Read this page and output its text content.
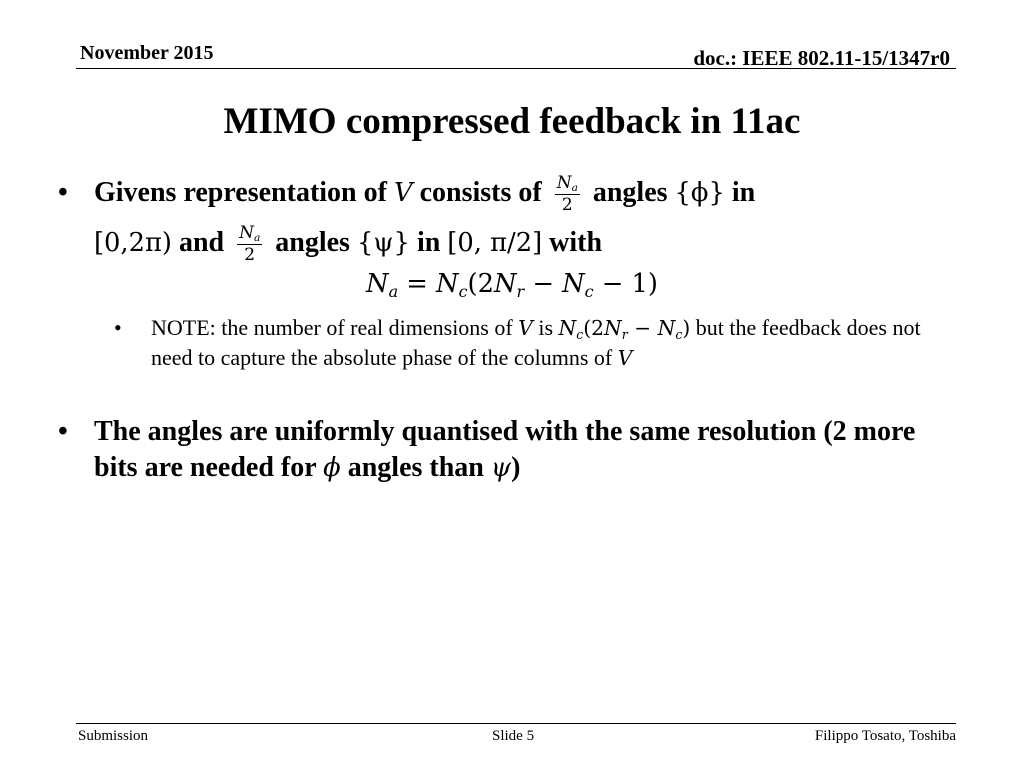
November 2015	doc.: IEEE 802.11-15/1347r0
MIMO compressed feedback in 11ac
• Givens representation of V consists of $\frac{N_a}{2}$ angles {ϕ} in
[0,2π) and $\frac{N_a}{2}$ angles {ψ} in [0, π/2] with
$N_a = N_c(2N_r - N_c - 1)$
• NOTE: the number of real dimensions of V is $N_c(2N_r - N_c)$ but the feedback does not need to capture the absolute phase of the columns of V
• The angles are uniformly quantised with the same resolution (2 more bits are needed for ϕ angles than ψ)
Submission	Slide 5	Filippo Tosato, Toshiba
